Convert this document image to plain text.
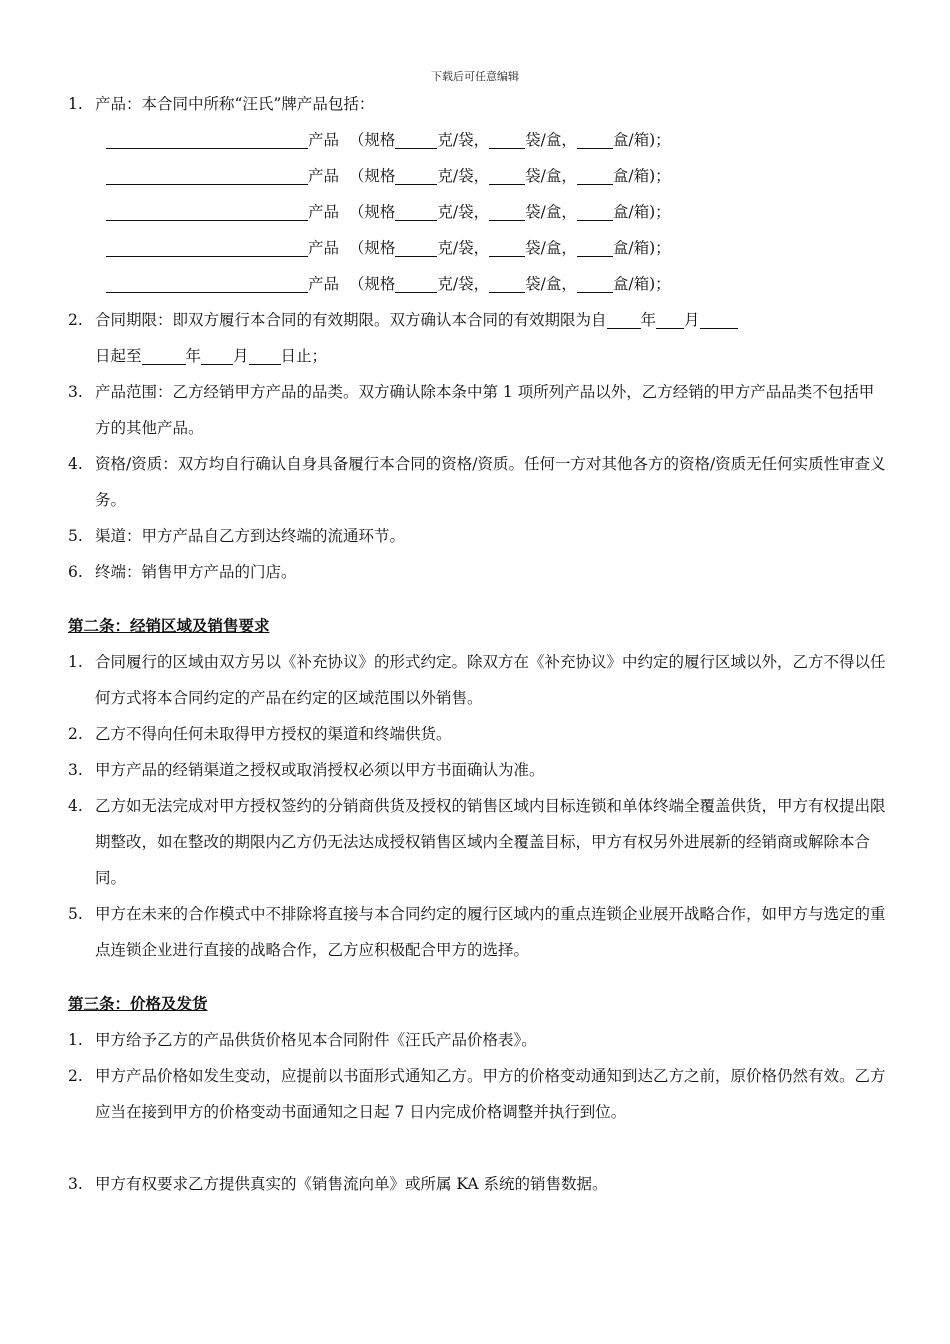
下载后可任意编辑
1. 产品：本合同中所称“汪氏”牌产品包括：
产品 （规格	克/袋， 袋/盒， 盒/箱)；
产品 （规格	克/袋， 袋/盒， 盒/箱)；
产品 （规格	克/袋， 袋/盒， 盒/箱)；
产品 （规格	克/袋， 袋/盒， 盒/箱)；
产品 （规格	克/袋， 袋/盒， 盒/箱)；
2. 合同期限：即双方履行本合同的有效期限。双方确认本合同的有效期限为自 年 月
日起至	年 月 日止；
3. 产品范围：乙方经销甲方产品的品类。双方确认除本条中第 1 项所列产品以外，乙方经销的甲方产品品类不包括甲方的其他产品。
4. 资格/资质：双方均自行确认自身具备履行本合同的资格/资质。任何一方对其他各方的资格/资质无任何实质性审查义务。
5. 渠道：甲方产品自乙方到达终端的流通环节。
6. 终端：销售甲方产品的门店。
第二条：经销区域及销售要求
1. 合同履行的区域由双方另以《补充协议》的形式约定。除双方在《补充协议》中约定的履行区域以外，乙方不得以任何方式将本合同约定的产品在约定的区域范围以外销售。
2. 乙方不得向任何未取得甲方授权的渠道和终端供货。
3. 甲方产品的经销渠道之授权或取消授权必须以甲方书面确认为准。
4. 乙方如无法完成对甲方授权签约的分销商供货及授权的销售区域内目标连锁和单体终端全覆盖供货，甲方有权提出限期整改，如在整改的期限内乙方仍无法达成授权销售区域内全覆盖目标，甲方有权另外进展新的经销商或解除本合同。
5. 甲方在未来的合作模式中不排除将直接与本合同约定的履行区域内的重点连锁企业展开战略合作，如甲方与选定的重点连锁企业进行直接的战略合作，乙方应积极配合甲方的选择。
第三条：价格及发货
1. 甲方给予乙方的产品供货价格见本合同附件《汪氏产品价格表》。
2. 甲方产品价格如发生变动，应提前以书面形式通知乙方。甲方的价格变动通知到达乙方之前，原价格仍然有效。乙方应当在接到甲方的价格变动书面通知之日起 7 日内完成价格调整并执行到位。
3. 甲方有权要求乙方提供真实的《销售流向单》或所属 KA 系统的销售数据。
